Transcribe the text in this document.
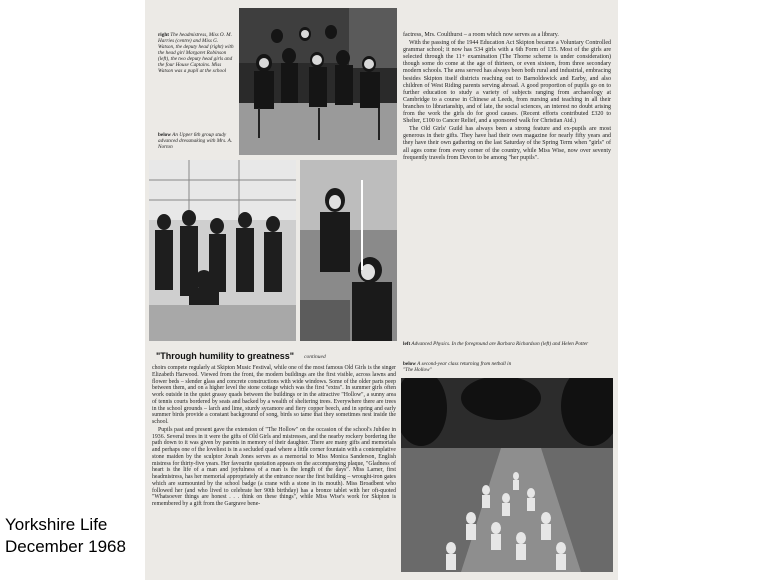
right The headmistress, Miss O. M. Harries (centre) and Miss G. Watson, the deputy head (right) with the head girl Margaret Robinson (left), the two deputy head girls and the four House Captains. Miss Watson was a pupil at the school
below An Upper 6th group study advanced dressmaking with Mrs. A. Norton

factress, Mrs. Coulthurst – a room which now serves as a library.

With the passing of the 1944 Education Act Skipton became a Voluntary Controlled grammar school; it now has 534 girls with a 6th Form of 135. Most of the girls are selected through the 11+ examination (The Thorne scheme is under consideration) though some do come at the age of thirteen, or even sixteen, from three secondary modern schools. The area served has always been both rural and industrial, embracing besides Skipton itself districts reaching out to Barnoldswick and Earby, and also children of West Riding parents serving abroad. A good proportion of pupils go on to further education to study a variety of subjects ranging from archaeology at Cambridge to a course in Chinese at Leeds, from nursing and teaching in all their branches to librarianship, and of late, the social sciences, an interest no doubt arising from the work the girls do for good causes. (Recent efforts contributed £320 to Shelter, £100 to Cancer Relief, and a sponsored walk for Christian Aid.)

The Old Girls' Guild has always been a strong feature and ex-pupils are most generous in their gifts. They have had their own magazine for nearly fifty years and they have their own gathering on the last Saturday of the Spring Term when "girls" of all ages come from every corner of the country, while Miss Wise, now over seventy frequently travels from Devon to be among "her pupils".

left Advanced Physics. In the foreground are Barbara Richardson (left) and Helen Potter
below A second-year class returning from netball in "The Hollow"
"Through humility to greatness" continued

choirs compete regularly at Skipton Music Festival, while one of the most famous Old Girls is the singer Elizabeth Harwood. Viewed from the front, the modern buildings are the first visible, across lawns and flower beds – slender glass and concrete constructions with wide windows. Some of the older parts peep between them, and on a higher level the stone cottage which was the first "extra". In summer girls often work outside in the quiet grassy quads between the buildings or in the attractive "Hollow", a sunny area of tennis courts bordered by seats and backed by a wealth of sheltering trees. Everywhere there are trees in the school grounds – larch and lime, sturdy sycamore and fiery copper beech, and in spring and early summer birds provide a constant background of song, birds so tame that they sometimes nest inside the school.

Pupils past and present gave the extension of "The Hollow" on the occasion of the school's Jubilee in 1936. Several trees in it were the gifts of Old Girls and mistresses, and the nearby rockery bordering the path down to it was given by parents in memory of their daughter. There are many gifts and memorials and perhaps one of the loveliest is in a secluded quad where a little corner fountain with a contemplative stone maiden by the sculptor Jonah Jones serves as a memorial to Miss Monica Sanderson, English mistress for thirty-five years. Her favourite quotation appears on the accompanying plaque, "Gladness of heart is the life of a man and joyfulness of a man is the length of the days". Miss Larner, first headmistress, has her memorial appropriately at the entrance near the first building – wrought-iron gates which are surmounted by the school badge (a crane with a stone in its mouth). Miss Broadbent who followed her (and who lived to celebrate her 90th birthday) has a bronze tablet with her oft-quoted "Whatsoever things are honest . . . think on these things", while Miss Wise's work for Skipton is remembered by a gift from the Gargrave bene-

Yorkshire Life
December 1968
